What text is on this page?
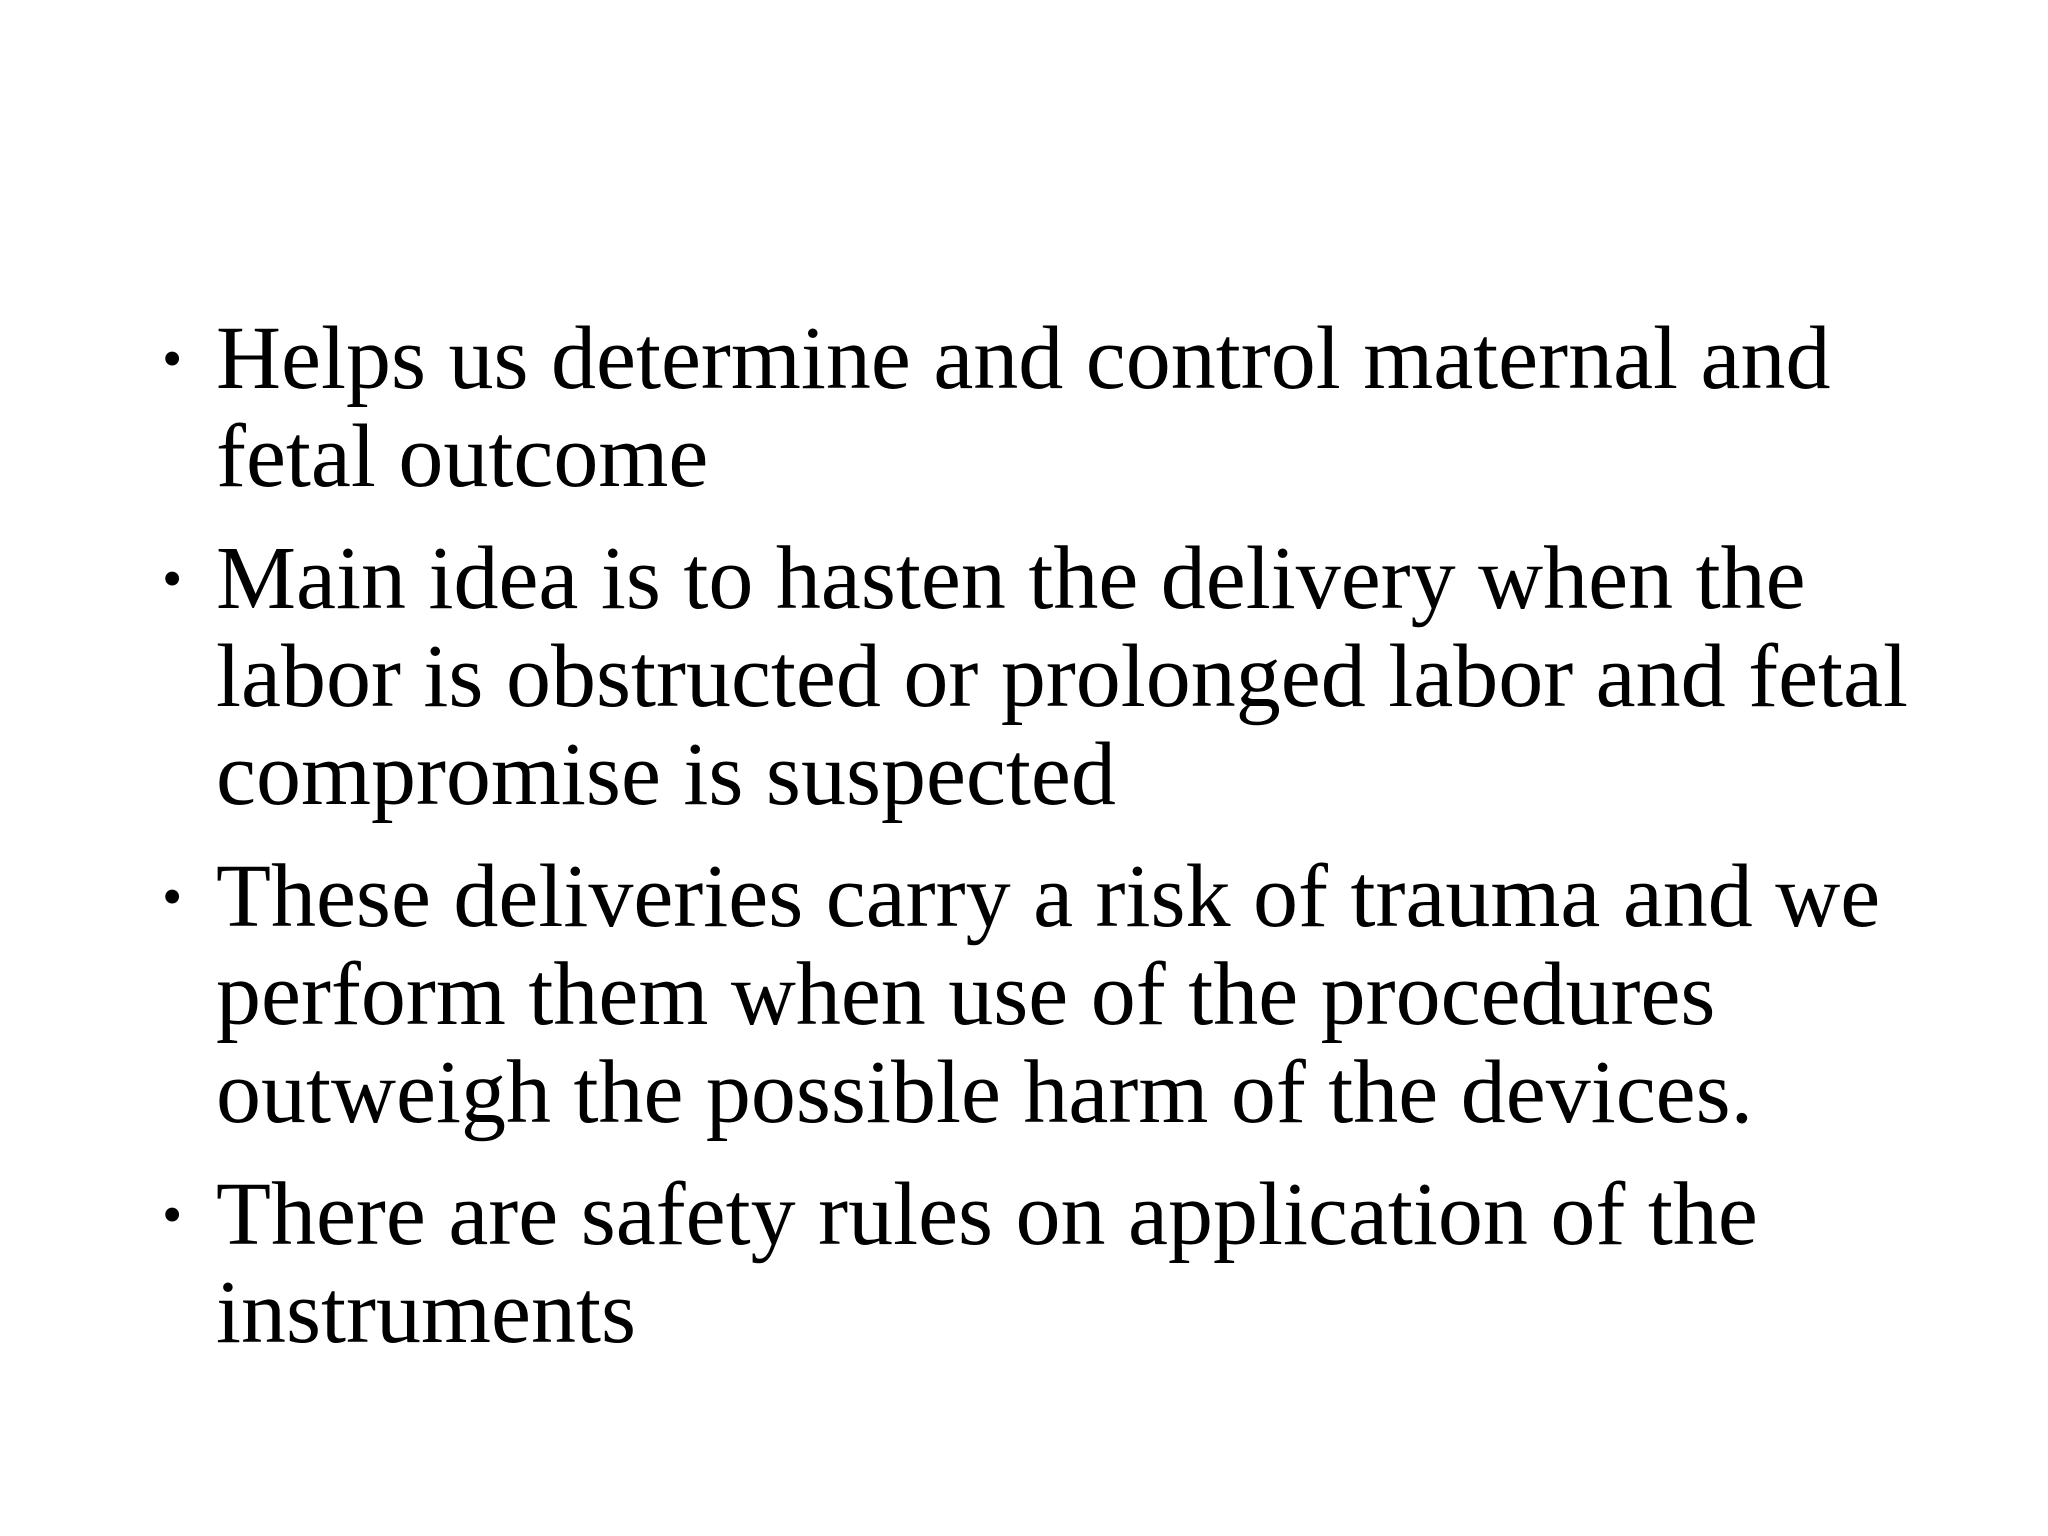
• Helps us determine and control maternal and fetal outcome
• Main idea is to hasten the delivery when the labor is obstructed or prolonged labor and fetal compromise is suspected
• These deliveries carry a risk of trauma and we perform them when use of the procedures outweigh the possible harm of the devices.
• There are safety rules on application of the instruments
